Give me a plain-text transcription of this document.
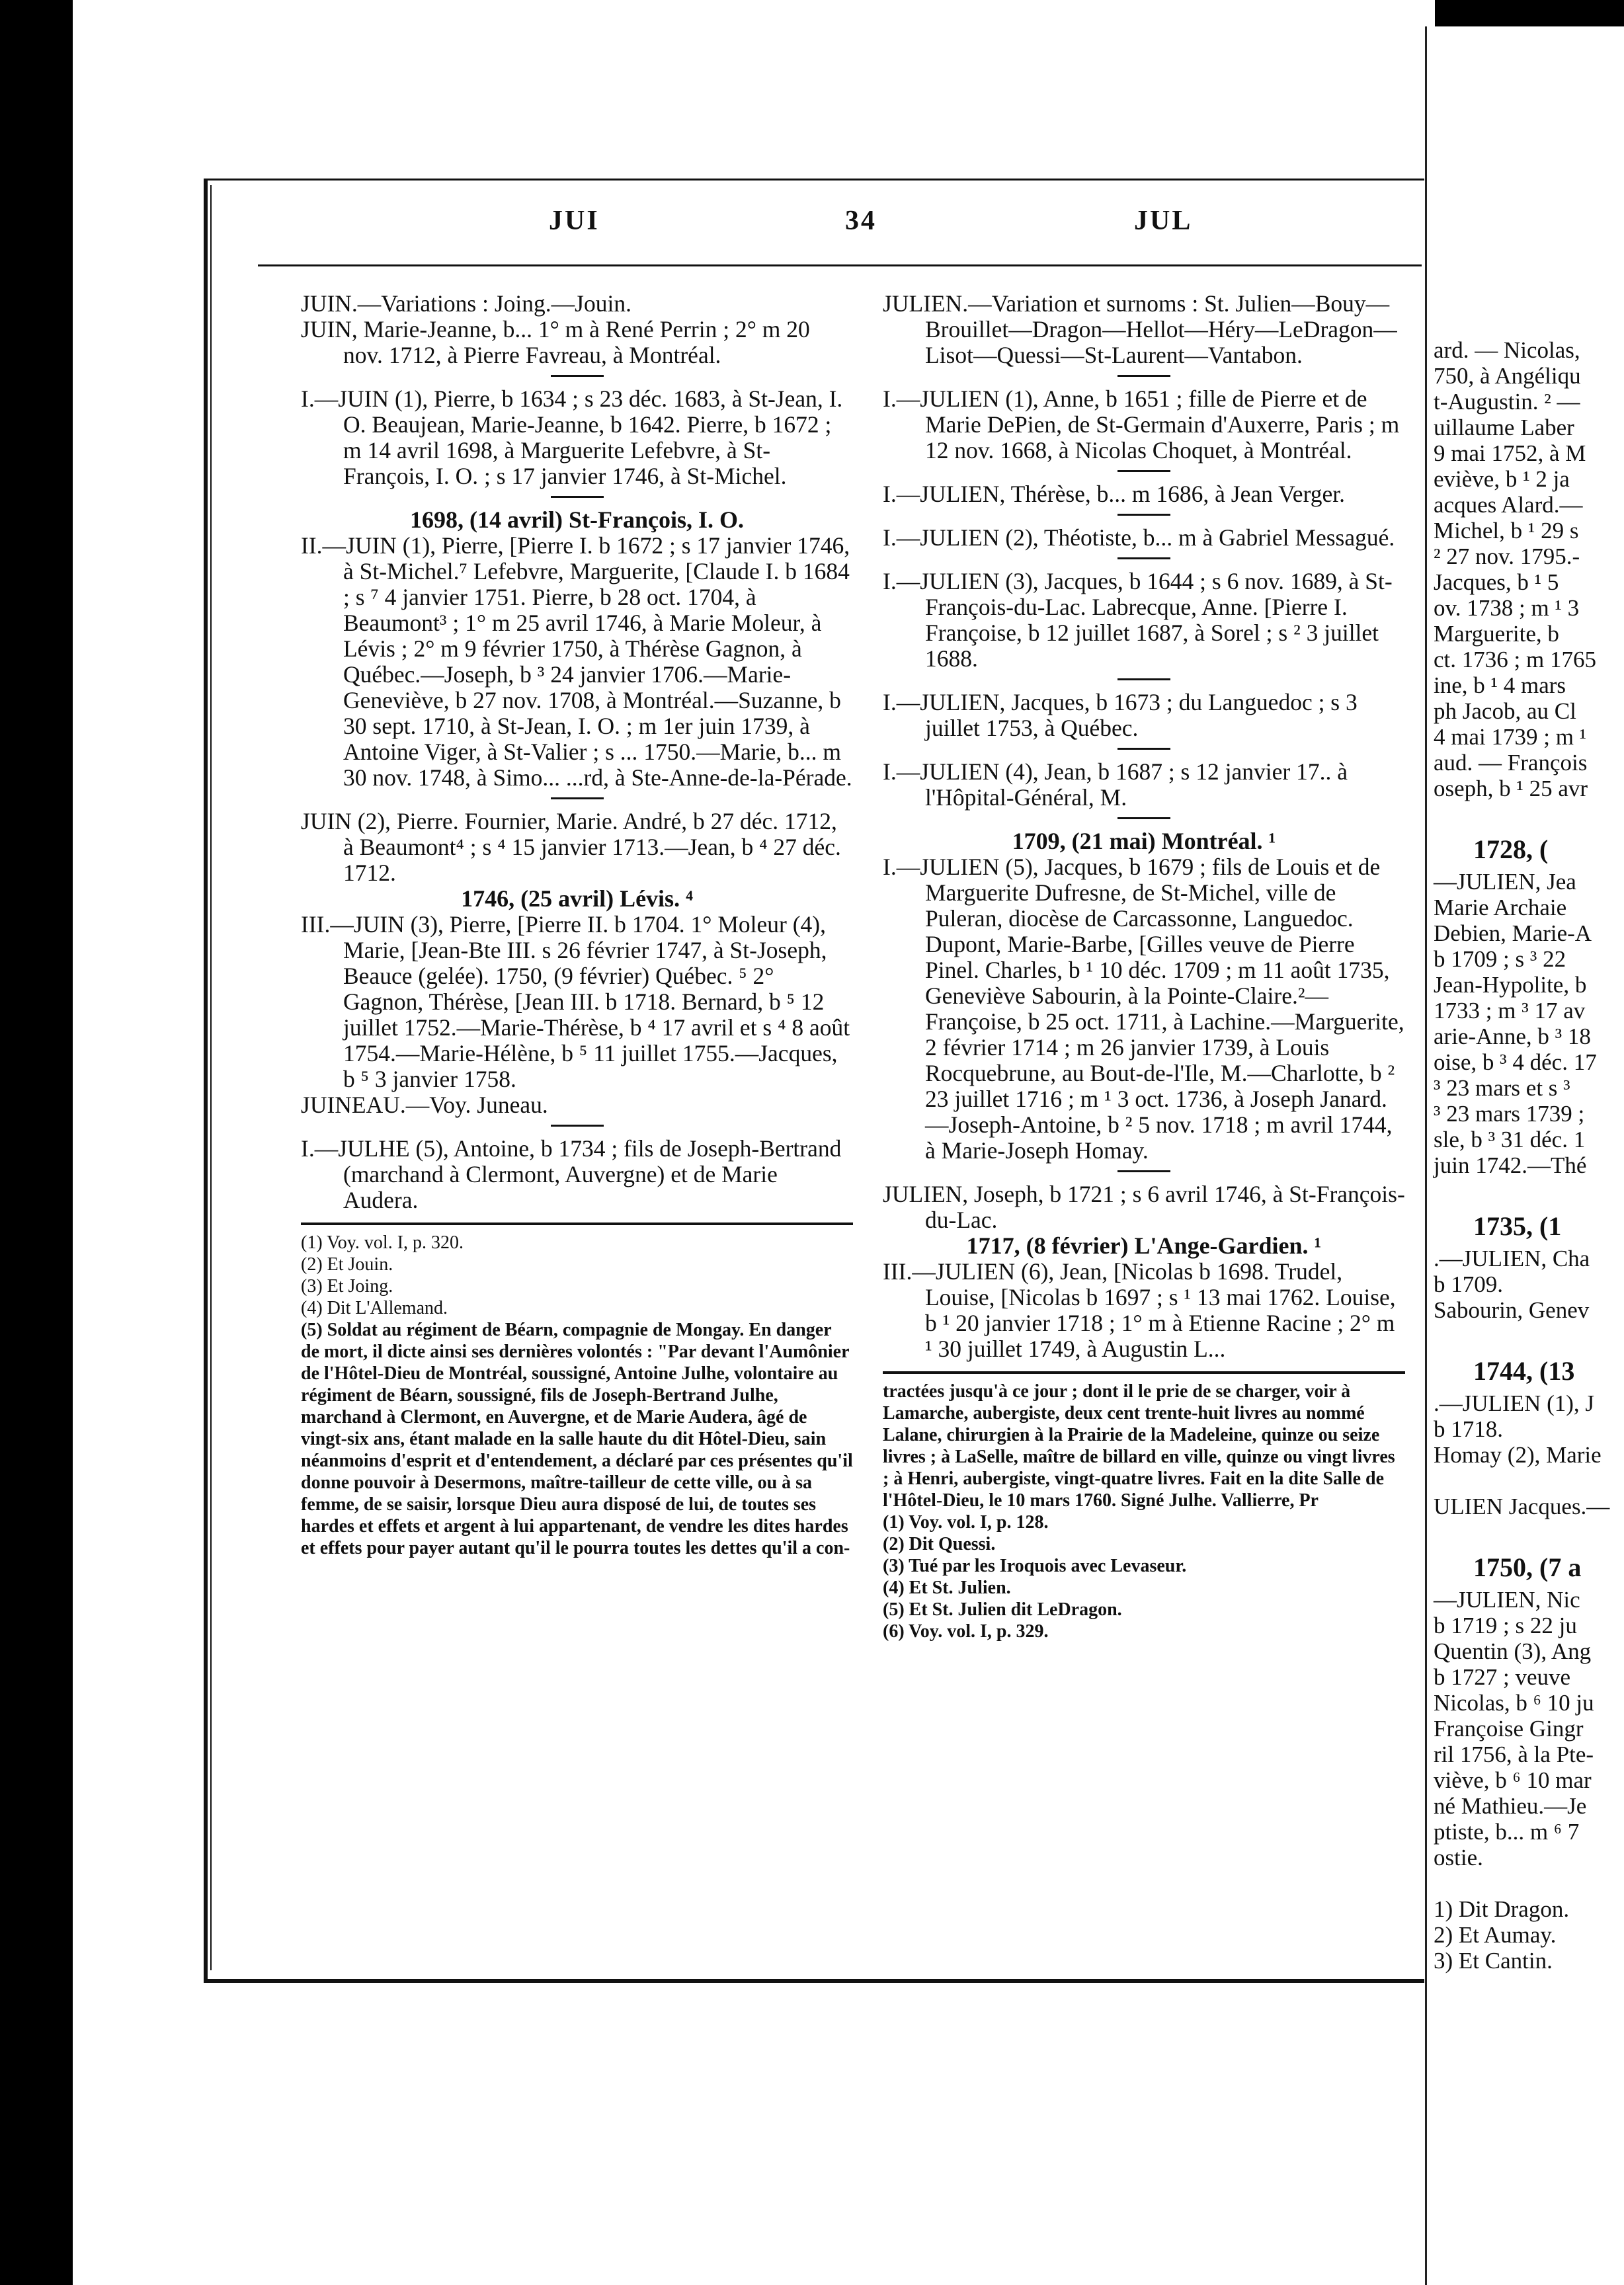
JUI	34	JUL

JUIN.—Variations : Joing.—Jouin.

JUIN, Marie-Jeanne, b... 1° m à René Perrin ; 2° m 20 nov. 1712, à Pierre Favreau, à Montréal.

I.—JUIN (1), Pierre, b 1634 ; s 23 déc. 1683, à St-Jean, I. O. Beaujean, Marie-Jeanne, b 1642. Pierre, b 1672 ; m 14 avril 1698, à Marguerite Lefebvre, à St-François, I. O. ; s 17 janvier 1746, à St-Michel.

1698, (14 avril) St-François, I. O.

II.—JUIN (1), Pierre, [Pierre I. b 1672 ; s 17 janvier 1746, à St-Michel.⁷ Lefebvre, Marguerite, [Claude I. b 1684 ; s ⁷ 4 janvier 1751. Pierre, b 28 oct. 1704, à Beaumont³ ; 1° m 25 avril 1746, à Marie Moleur, à Lévis ; 2° m 9 février 1750, à Thérèse Gagnon, à Québec.—Joseph, b ³ 24 janvier 1706.—Marie-Geneviève, b 27 nov. 1708, à Montréal.—Suzanne, b 30 sept. 1710, à St-Jean, I. O. ; m 1er juin 1739, à Antoine Viger, à St-Valier ; s ... 1750.—Marie, b... m 30 nov. 1748, à Simo... ...rd, à Ste-Anne-de-la-Pérade.

JUIN (2), Pierre. Fournier, Marie. André, b 27 déc. 1712, à Beaumont⁴ ; s ⁴ 15 janvier 1713.—Jean, b ⁴ 27 déc. 1712.

1746, (25 avril) Lévis. ⁴

III.—JUIN (3), Pierre, [Pierre II. b 1704. 1° Moleur (4), Marie, [Jean-Bte III. s 26 février 1747, à St-Joseph, Beauce (gelée). 1750, (9 février) Québec. ⁵ 2° Gagnon, Thérèse, [Jean III. b 1718. Bernard, b ⁵ 12 juillet 1752.—Marie-Thérèse, b ⁴ 17 avril et s ⁴ 8 août 1754.—Marie-Hélène, b ⁵ 11 juillet 1755.—Jacques, b ⁵ 3 janvier 1758.

JUINEAU.—Voy. Juneau.

I.—JULHE (5), Antoine, b 1734 ; fils de Joseph-Bertrand (marchand à Clermont, Auvergne) et de Marie Audera.

(1) Voy. vol. I, p. 320.

(2) Et Jouin.

(3) Et Joing.

(4) Dit L'Allemand.

(5) Soldat au régiment de Béarn, compagnie de Mongay. En danger de mort, il dicte ainsi ses dernières volontés : "Par devant l'Aumônier de l'Hôtel-Dieu de Montréal, soussigné, Antoine Julhe, volontaire au régiment de Béarn, soussigné, fils de Joseph-Bertrand Julhe, marchand à Clermont, en Auvergne, et de Marie Audera, âgé de vingt-six ans, étant malade en la salle haute du dit Hôtel-Dieu, sain néanmoins d'esprit et d'entendement, a déclaré par ces présentes qu'il donne pouvoir à Desermons, maître-tailleur de cette ville, ou à sa femme, de se saisir, lorsque Dieu aura disposé de lui, de toutes ses hardes et effets et argent à lui appartenant, de vendre les dites hardes et effets pour payer autant qu'il le pourra toutes les dettes qu'il a con-

JULIEN.—Variation et surnoms : St. Julien—Bouy—Brouillet—Dragon—Hellot—Héry—LeDragon—Lisot—Quessi—St-Laurent—Vantabon.

I.—JULIEN (1), Anne, b 1651 ; fille de Pierre et de Marie DePien, de St-Germain d'Auxerre, Paris ; m 12 nov. 1668, à Nicolas Choquet, à Montréal.

I.—JULIEN, Thérèse, b... m 1686, à Jean Verger.

I.—JULIEN (2), Théotiste, b... m à Gabriel Messagué.

I.—JULIEN (3), Jacques, b 1644 ; s 6 nov. 1689, à St-François-du-Lac. Labrecque, Anne. [Pierre I. Françoise, b 12 juillet 1687, à Sorel ; s ² 3 juillet 1688.

I.—JULIEN, Jacques, b 1673 ; du Languedoc ; s 3 juillet 1753, à Québec.

I.—JULIEN (4), Jean, b 1687 ; s 12 janvier 17.. à l'Hôpital-Général, M.

1709, (21 mai) Montréal. ¹

I.—JULIEN (5), Jacques, b 1679 ; fils de Louis et de Marguerite Dufresne, de St-Michel, ville de Puleran, diocèse de Carcassonne, Languedoc. Dupont, Marie-Barbe, [Gilles veuve de Pierre Pinel. Charles, b ¹ 10 déc. 1709 ; m 11 août 1735, Geneviève Sabourin, à la Pointe-Claire.²—Françoise, b 25 oct. 1711, à Lachine.—Marguerite, 2 février 1714 ; m 26 janvier 1739, à Louis Rocquebrune, au Bout-de-l'Ile, M.—Charlotte, b ² 23 juillet 1716 ; m ¹ 3 oct. 1736, à Joseph Janard.—Joseph-Antoine, b ² 5 nov. 1718 ; m avril 1744, à Marie-Joseph Homay.

JULIEN, Joseph, b 1721 ; s 6 avril 1746, à St-François-du-Lac.

1717, (8 février) L'Ange-Gardien. ¹

III.—JULIEN (6), Jean, [Nicolas b 1698. Trudel, Louise, [Nicolas b 1697 ; s ¹ 13 mai 1762. Louise, b ¹ 20 janvier 1718 ; 1° m à Etienne Racine ; 2° m ¹ 30 juillet 1749, à Augustin L...

tractées jusqu'à ce jour ; dont il le prie de se charger, voir à Lamarche, aubergiste, deux cent trente-huit livres au nommé Lalane, chirurgien à la Prairie de la Madeleine, quinze ou seize livres ; à LaSelle, maître de billard en ville, quinze ou vingt livres ; à Henri, aubergiste, vingt-quatre livres. Fait en la dite Salle de l'Hôtel-Dieu, le 10 mars 1760. Signé Julhe. Vallierre, Pr

(1) Voy. vol. I, p. 128.

(2) Dit Quessi.

(3) Tué par les Iroquois avec Levaseur.

(4) Et St. Julien.

(5) Et St. Julien dit LeDragon.

(6) Voy. vol. I, p. 329.

ard. — Nicolas,

750, à Angéliqu

t-Augustin. ² —

uillaume Laber

9 mai 1752, à M

eviève, b ¹ 2 ja

acques Alard.—

Michel, b ¹ 29 s

² 27 nov. 1795.-

Jacques, b ¹ 5

ov. 1738 ; m ¹ 3

Marguerite, b

ct. 1736 ; m 1765

ine, b ¹ 4 mars

ph Jacob, au Cl

4 mai 1739 ; m ¹

aud. — François

oseph, b ¹ 25 avr

1728, (

—JULIEN, Jea

Marie Archaie

Debien, Marie-A

b 1709 ; s ³ 22

Jean-Hypolite, b

1733 ; m ³ 17 av

arie-Anne, b ³ 18

oise, b ³ 4 déc. 17

³ 23 mars et s ³

³ 23 mars 1739 ;

sle, b ³ 31 déc. 1

juin 1742.—Thé

1735, (1

.—JULIEN, Cha

b 1709.

Sabourin, Genev

1744, (13

.—JULIEN (1), J

b 1718.

Homay (2), Marie

ULIEN Jacques.—

1750, (7 a

—JULIEN, Nic

b 1719 ; s 22 ju

Quentin (3), Ang

b 1727 ; veuve

Nicolas, b ⁶ 10 ju

Françoise Gingr

ril 1756, à la Pte-

viève, b ⁶ 10 mar

né Mathieu.—Je

ptiste, b... m ⁶ 7

ostie.

1) Dit Dragon.

2) Et Aumay.

3) Et Cantin.
